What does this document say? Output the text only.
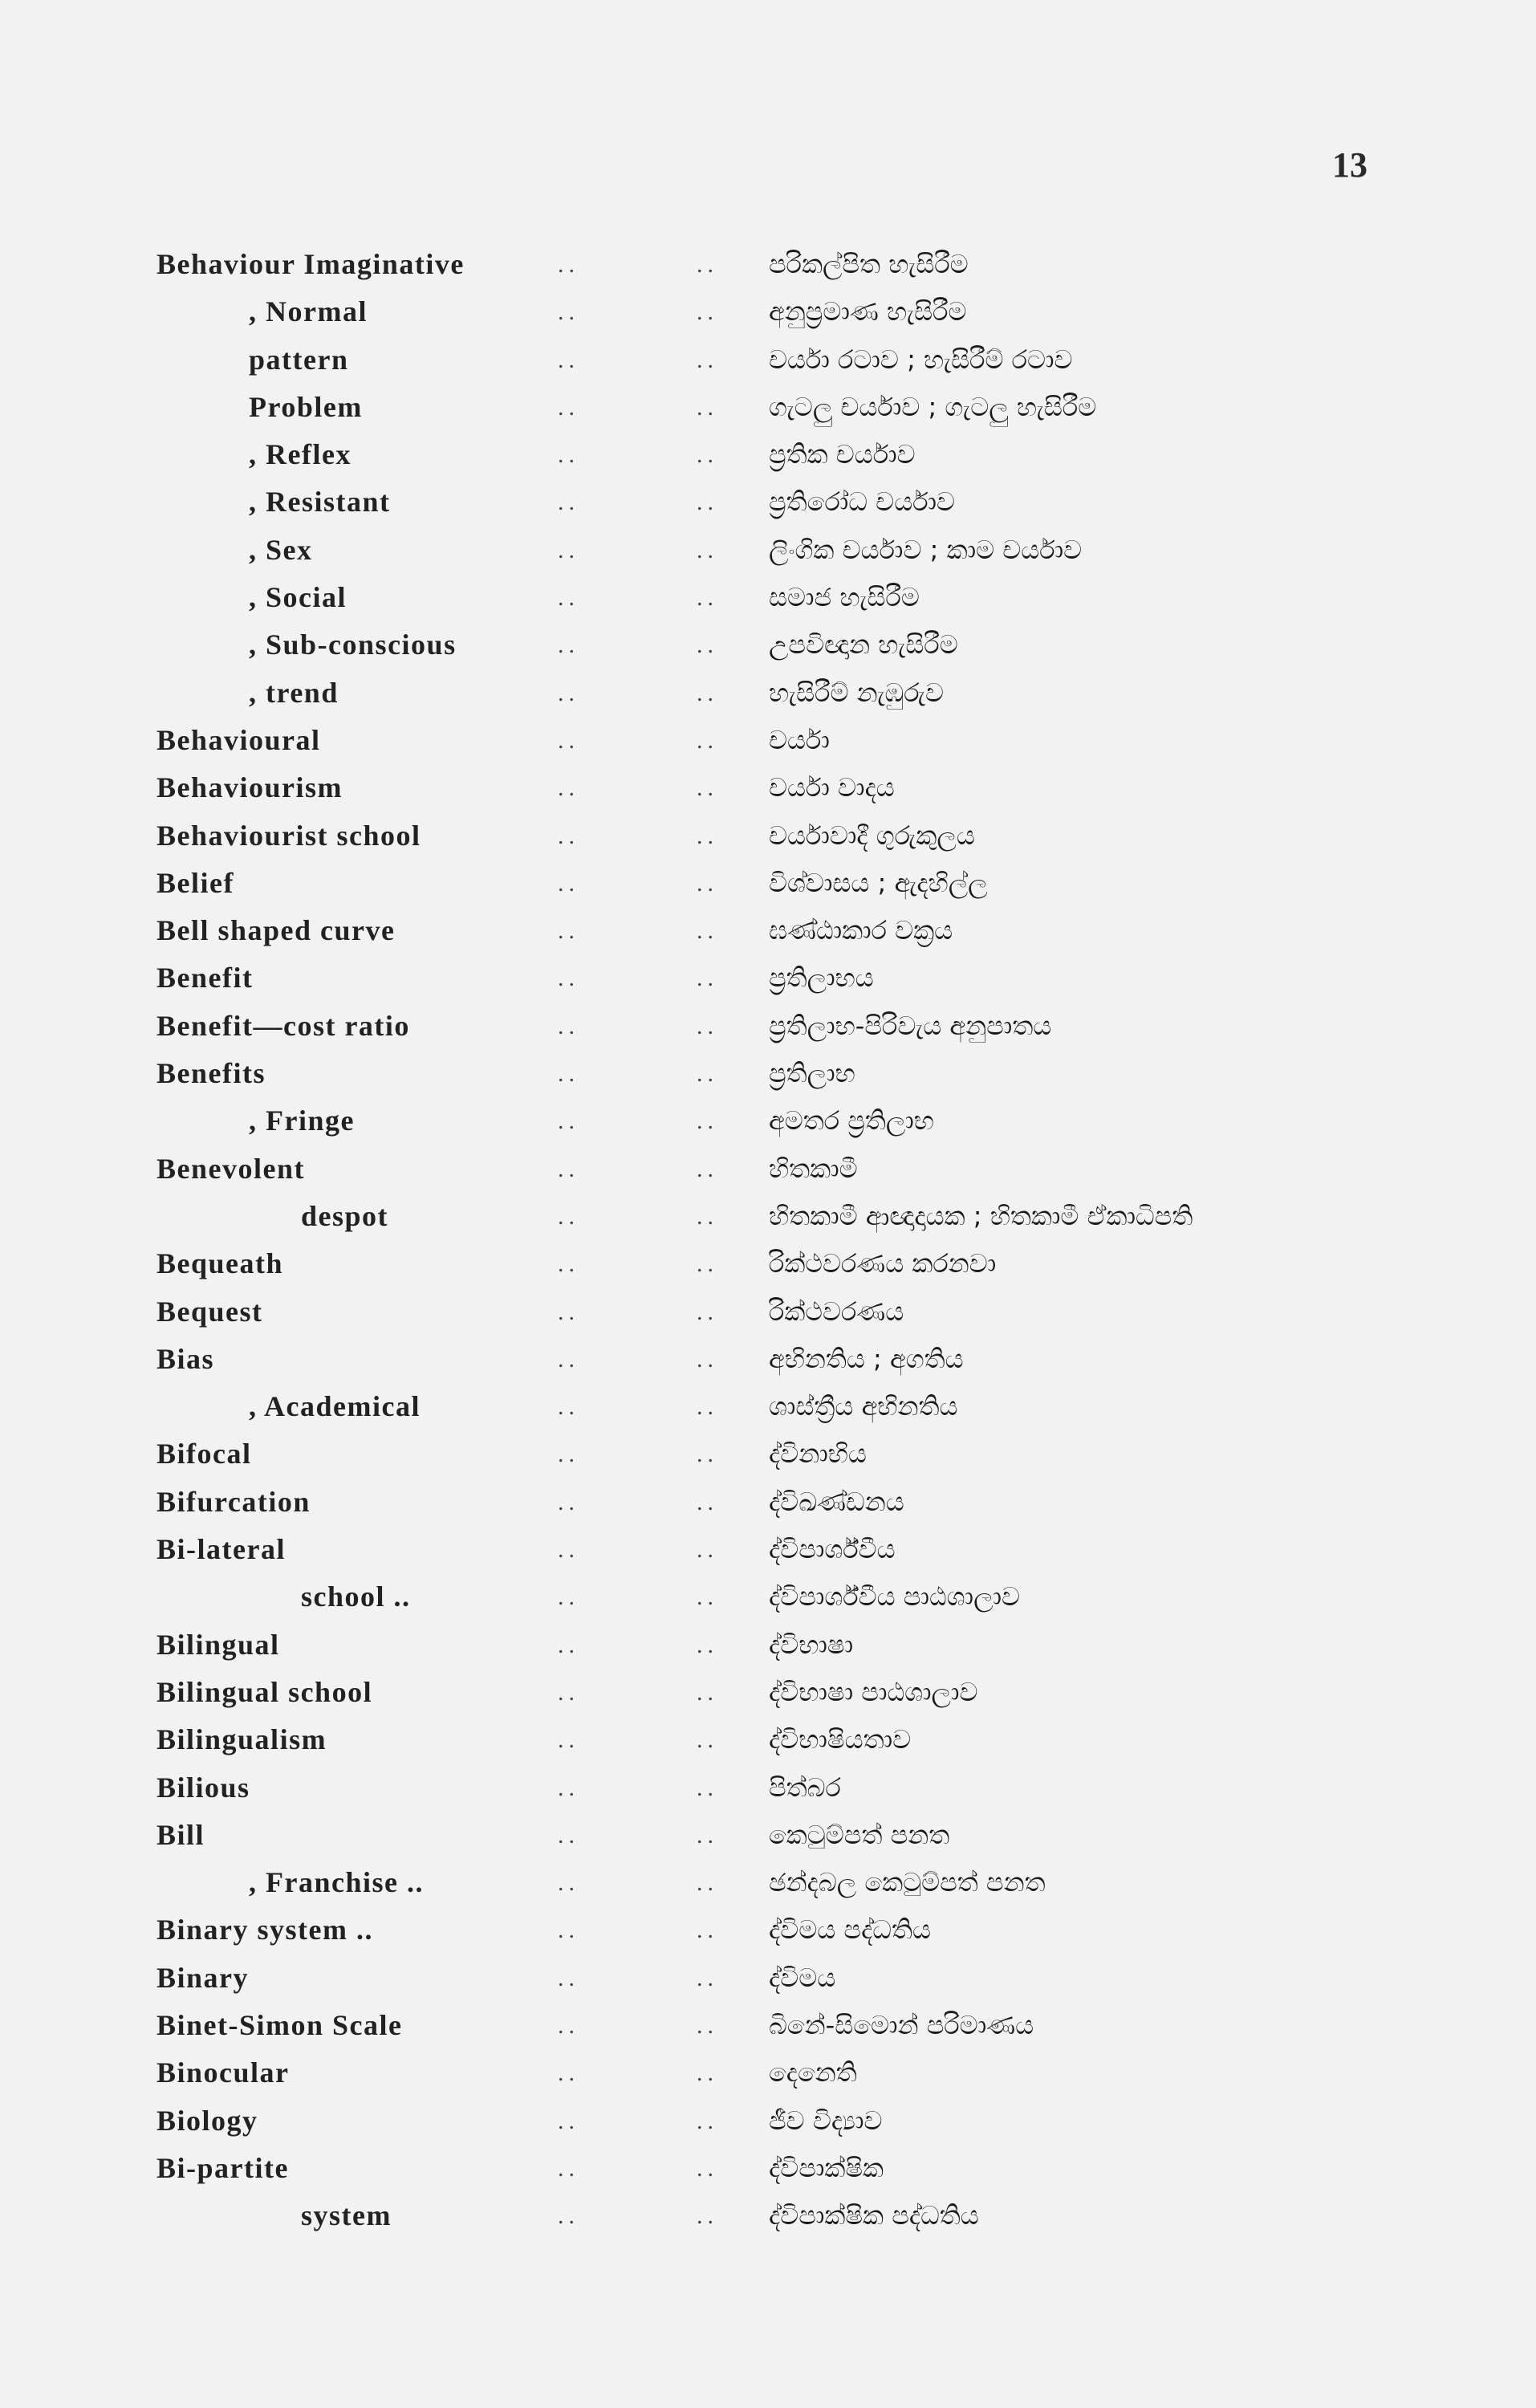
13
Behaviour Imaginative	..	.. පරිකල්පිත හැසිරීම
, Normal	..	.. අනුප්‍රමාණ හැසිරීම
pattern	..	.. චර්යා රටාව ; හැසිරීම් රටාව
Problem	..	.. ගැටලු චර්යාව ; ගැටලු හැසිරීම
, Reflex	..	.. ප්‍රතික චර්යාව
, Resistant	..	.. ප්‍රතිරෝධ චර්යාව
, Sex	..	.. ලිංගික චර්යාව ; කාම චර්යාව
, Social	..	.. සමාජ හැසිරීම
, Sub-conscious	..	.. උපවිඥාන හැසිරීම
, trend	..	.. හැසිරීම් නැඹුරුව
Behavioural	..	.. චර්යා
Behaviourism	..	.. චර්යා වාදය
Behaviourist school	..	.. චර්යාවාදී ගුරුකුලය
Belief	..	.. විශ්වාසය ; ඇදහිල්ල
Bell shaped curve	..	.. ඝණ්ඨාකාර වක්‍රය
Benefit	..	.. ප්‍රතිලාභය
Benefit—cost ratio	..	.. ප්‍රතිලාභ-පිරිවැය අනුපාතය
Benefits	..	.. ප්‍රතිලාභ
, Fringe	..	.. අමතර ප්‍රතිලාභ
Benevolent	..	.. හිතකාමී
despot	..	.. හිතකාමී ආඥාදායක ; හිතකාමී ඒකාධිපති
Bequeath	..	.. රික්ථවරණය කරනවා
Bequest	..	.. රික්ථවරණය
Bias	..	.. අභිනතිය ; අගතිය
, Academical	..	.. ශාස්ත්‍රීය අභිනතිය
Bifocal	..	.. ද්විනාභිය
Bifurcation	..	.. ද්විඛණ්ඩනය
Bi-lateral	..	.. ද්විපාර්ශ්වීය
school ..	..	.. ද්විපාර්ශ්වීය පාඨශාලාව
Bilingual	..	.. ද්විභාෂා
Bilingual school	..	.. ද්විභාෂා පාඨශාලාව
Bilingualism	..	.. ද්විභාෂියතාව
Bilious	..	.. පිත්බර
Bill	..	.. කෙටුම්පත් පනත
, Franchise ..	..	.. ඡන්දබල කෙටුම්පත් පනත
Binary system ..	..	.. ද්විමය පද්ධතිය
Binary	..	.. ද්විමය
Binet-Simon Scale	..	.. බිනේ-සිමොන් පරිමාණය
Binocular	..	.. දෙනෙති
Biology	..	.. ජීව විද්‍යාව
Bi-partite	..	.. ද්විපාක්ෂික
system	..	.. ද්විපාක්ෂික පද්ධතිය
